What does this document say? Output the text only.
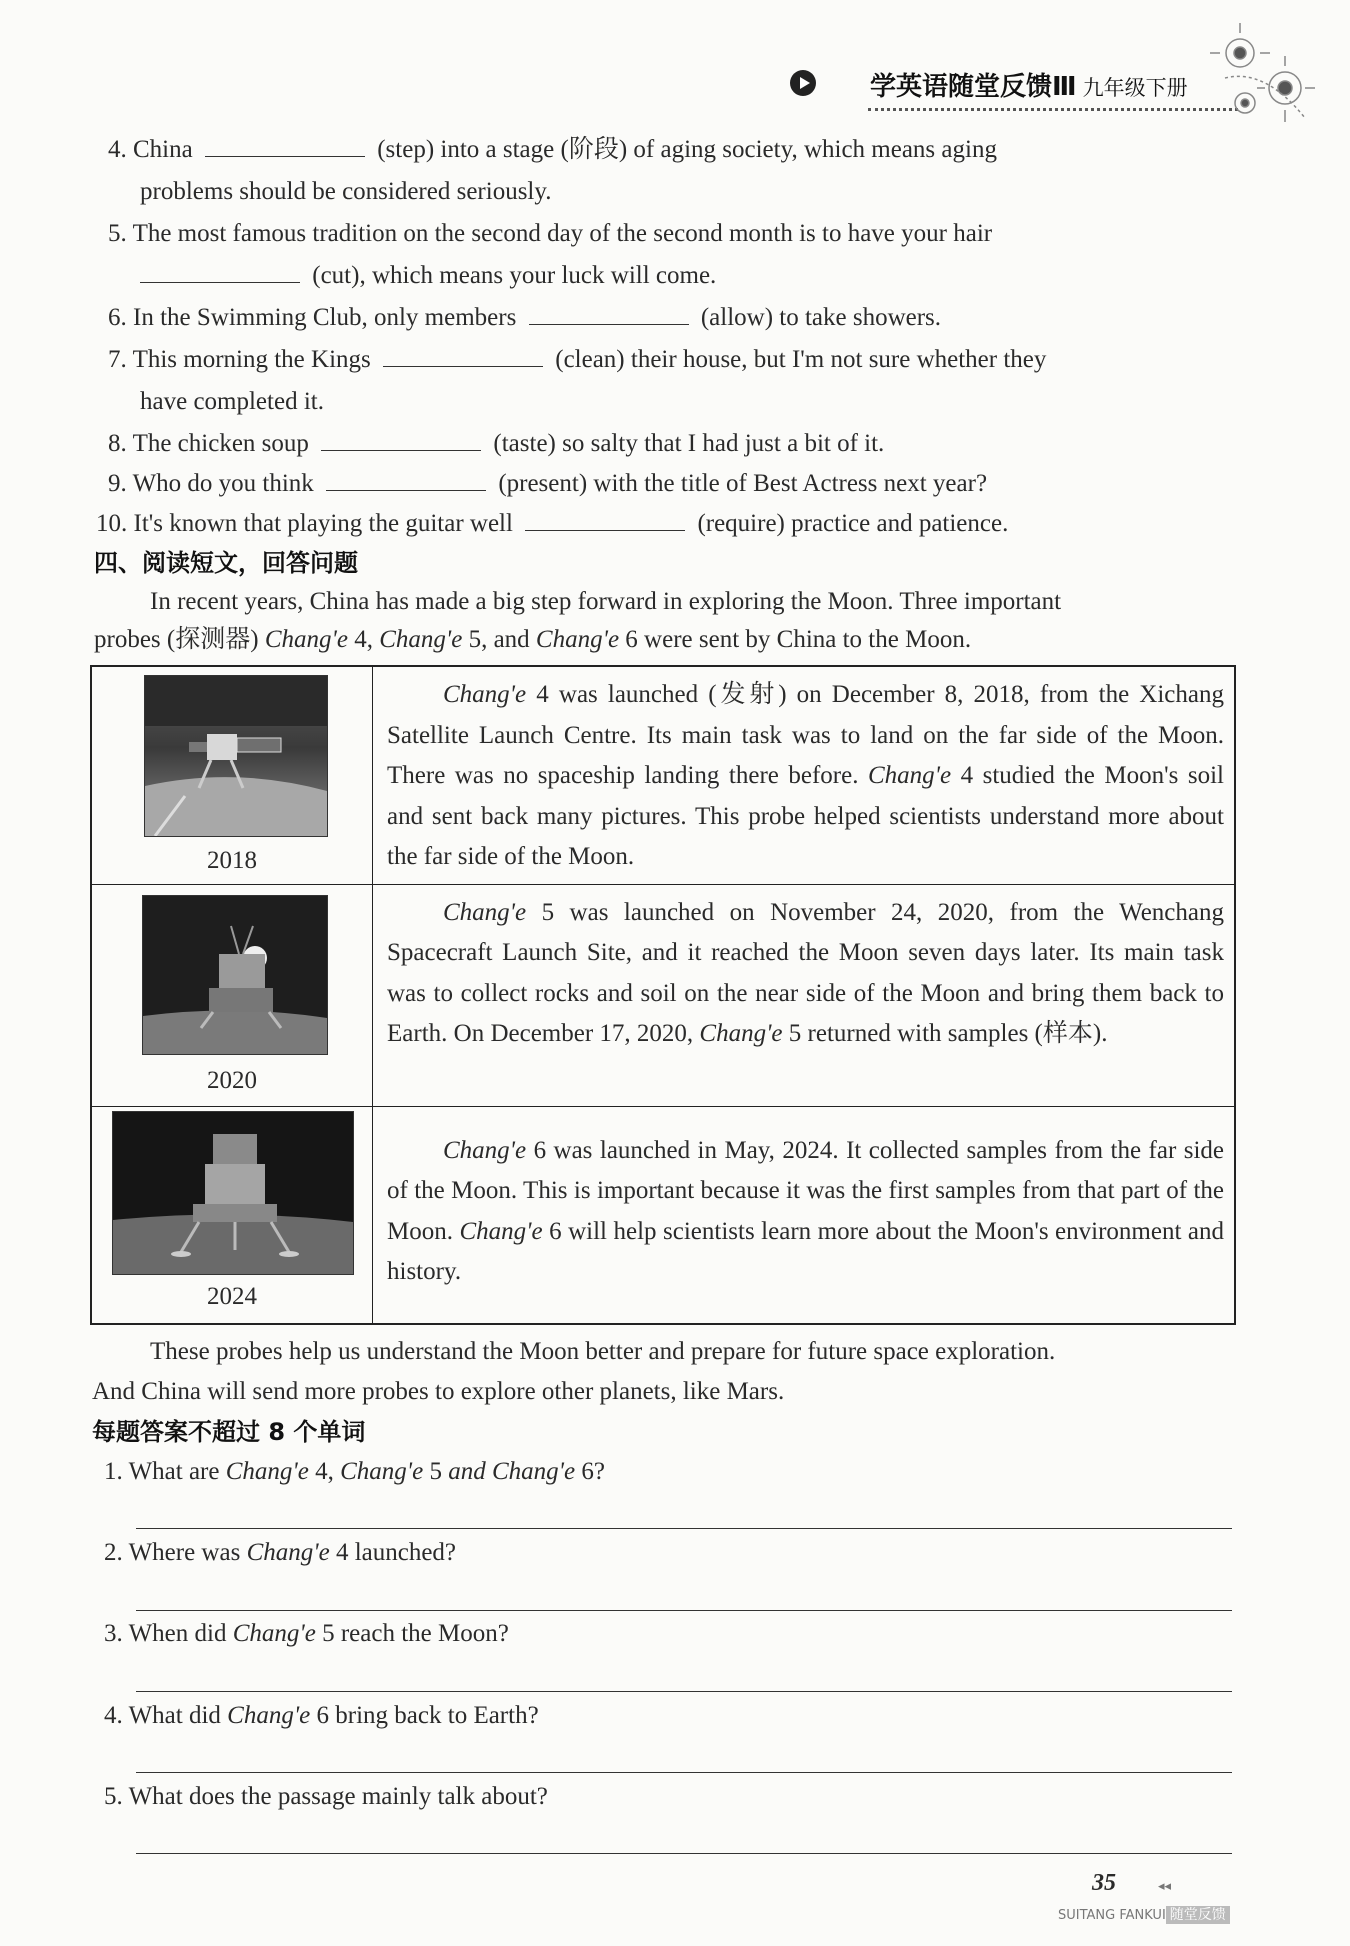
学英语随堂反馈Ⅲ 九年级下册
4. China	(step) into a stage (阶段) of aging society, which means aging
problems should be considered seriously.
5. The most famous tradition on the second day of the second month is to have your hair
(cut), which means your luck will come.
6. In the Swimming Club, only members	(allow) to take showers.
7. This morning the Kings	(clean) their house, but I'm not sure whether they
have completed it.
8. The chicken soup	(taste) so salty that I had just a bit of it.
9. Who do you think	(present) with the title of Best Actress next year?
10. It's known that playing the guitar well	(require) practice and patience.
四、阅读短文，回答问题
In recent years, China has made a big step forward in exploring the Moon. Three important
probes (探测器) Chang'e 4, Chang'e 5, and Chang'e 6 were sent by China to the Moon.
2018	Chang'e 4 was launched (发射) on December 8, 2018, from the Xichang Satellite Launch Centre. Its main task was to land on the far side of the Moon. There was no spaceship landing there before. Chang'e 4 studied the Moon's soil and sent back many pictures. This probe helped scientists understand more about the far side of the Moon.

2020	Chang'e 5 was launched on November 24, 2020, from the Wenchang Spacecraft Launch Site, and it reached the Moon seven days later. Its main task was to collect rocks and soil on the near side of the Moon and bring them back to Earth. On December 17, 2020, Chang'e 5 returned with samples (样本).

2024	Chang'e 6 was launched in May, 2024. It collected samples from the far side of the Moon. This is important because it was the first samples from that part of the Moon. Chang'e 6 will help scientists learn more about the Moon's environment and history.
These probes help us understand the Moon better and prepare for future space exploration.
And China will send more probes to explore other planets, like Mars.
每题答案不超过 8 个单词
1. What are Chang'e 4, Chang'e 5 and Chang'e 6?
2. Where was Chang'e 4 launched?
3. When did Chang'e 5 reach the Moon?
4. What did Chang'e 6 bring back to Earth?
5. What does the passage mainly talk about?
35	◂◂
SUITANG FANKUI 随堂反馈
